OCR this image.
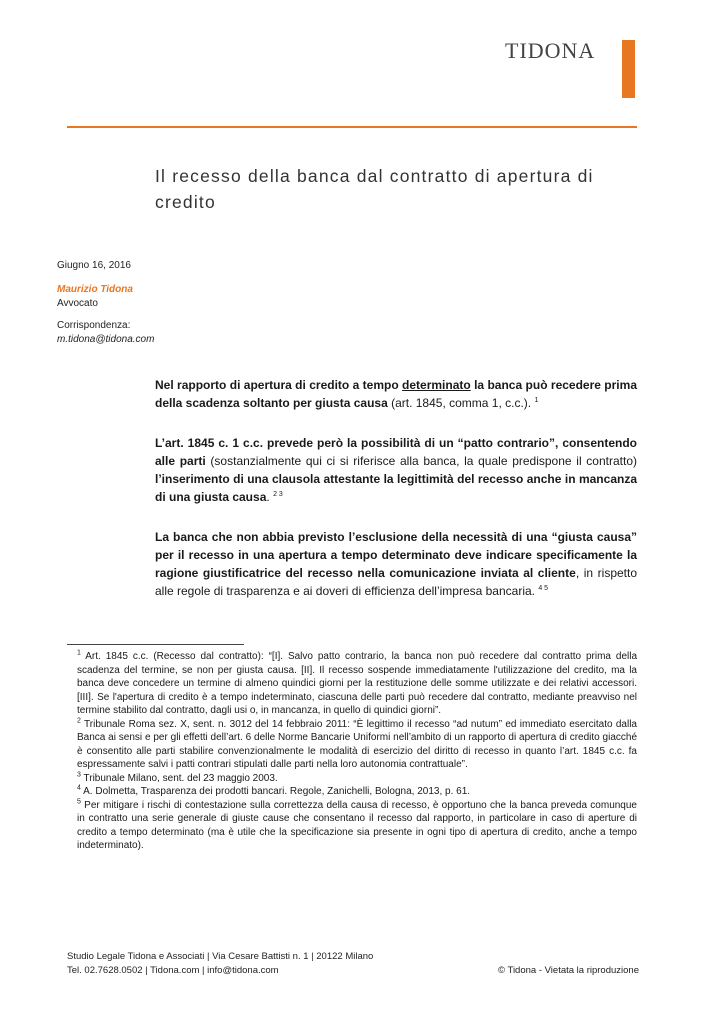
TIDONA
Il recesso della banca dal contratto di apertura di credito
Giugno 16, 2016
Maurizio Tidona
Avvocato
Corrispondenza:
m.tidona@tidona.com

Nel rapporto di apertura di credito a tempo determinato la banca può recedere prima della scadenza soltanto per giusta causa (art. 1845, comma 1, c.c.). $^1$

L’art. 1845 c. 1 c.c. prevede però la possibilità di un “patto contrario”, consentendo alle parti (sostanzialmente qui ci si riferisce alla banca, la quale predispone il contratto) l’inserimento di una clausola attestante la legittimità del recesso anche in mancanza di una giusta causa. $^{2 3}$

La banca che non abbia previsto l’esclusione della necessità di una “giusta causa” per il recesso in una apertura a tempo determinato deve indicare specificamente la ragione giustificatrice del recesso nella comunicazione inviata al cliente, in rispetto alle regole di trasparenza e ai doveri di efficienza dell’impresa bancaria. $^{4 5}$

$^1$ Art. 1845 c.c. (Recesso dal contratto): “[I]. Salvo patto contrario, la banca non può recedere dal contratto prima della scadenza del termine, se non per giusta causa. [II]. Il recesso sospende immediatamente l'utilizzazione del credito, ma la banca deve concedere un termine di almeno quindici giorni per la restituzione delle somme utilizzate e dei relativi accessori. [III]. Se l'apertura di credito è a tempo indeterminato, ciascuna delle parti può recedere dal contratto, mediante preavviso nel termine stabilito dal contratto, dagli usi o, in mancanza, in quello di quindici giorni”.

$^2$ Tribunale Roma sez. X, sent. n. 3012 del 14 febbraio 2011: “È legittimo il recesso “ad nutum” ed immediato esercitato dalla Banca ai sensi e per gli effetti dell’art. 6 delle Norme Bancarie Uniformi nell’ambito di un rapporto di apertura di credito giacché è consentito alle parti stabilire convenzionalmente le modalità di esercizio del diritto di recesso in quanto l’art. 1845 c.c. fa espressamente salvi i patti contrari stipulati dalle parti nella loro autonomia contrattuale”.

$^3$ Tribunale Milano, sent. del 23 maggio 2003.

$^4$ A. Dolmetta, Trasparenza dei prodotti bancari. Regole, Zanichelli, Bologna, 2013, p. 61.

$^5$ Per mitigare i rischi di contestazione sulla correttezza della causa di recesso, è opportuno che la banca preveda comunque in contratto una serie generale di giuste cause che consentano il recesso dal rapporto, in particolare in caso di aperture di credito a tempo determinato (ma è utile che la specificazione sia presente in ogni tipo di apertura di credito, anche a tempo indeterminato).

Studio Legale Tidona e Associati | Via Cesare Battisti n. 1 | 20122 Milano
Tel. 02.7628.0502 | Tidona.com | info@tidona.com	© Tidona - Vietata la riproduzione
